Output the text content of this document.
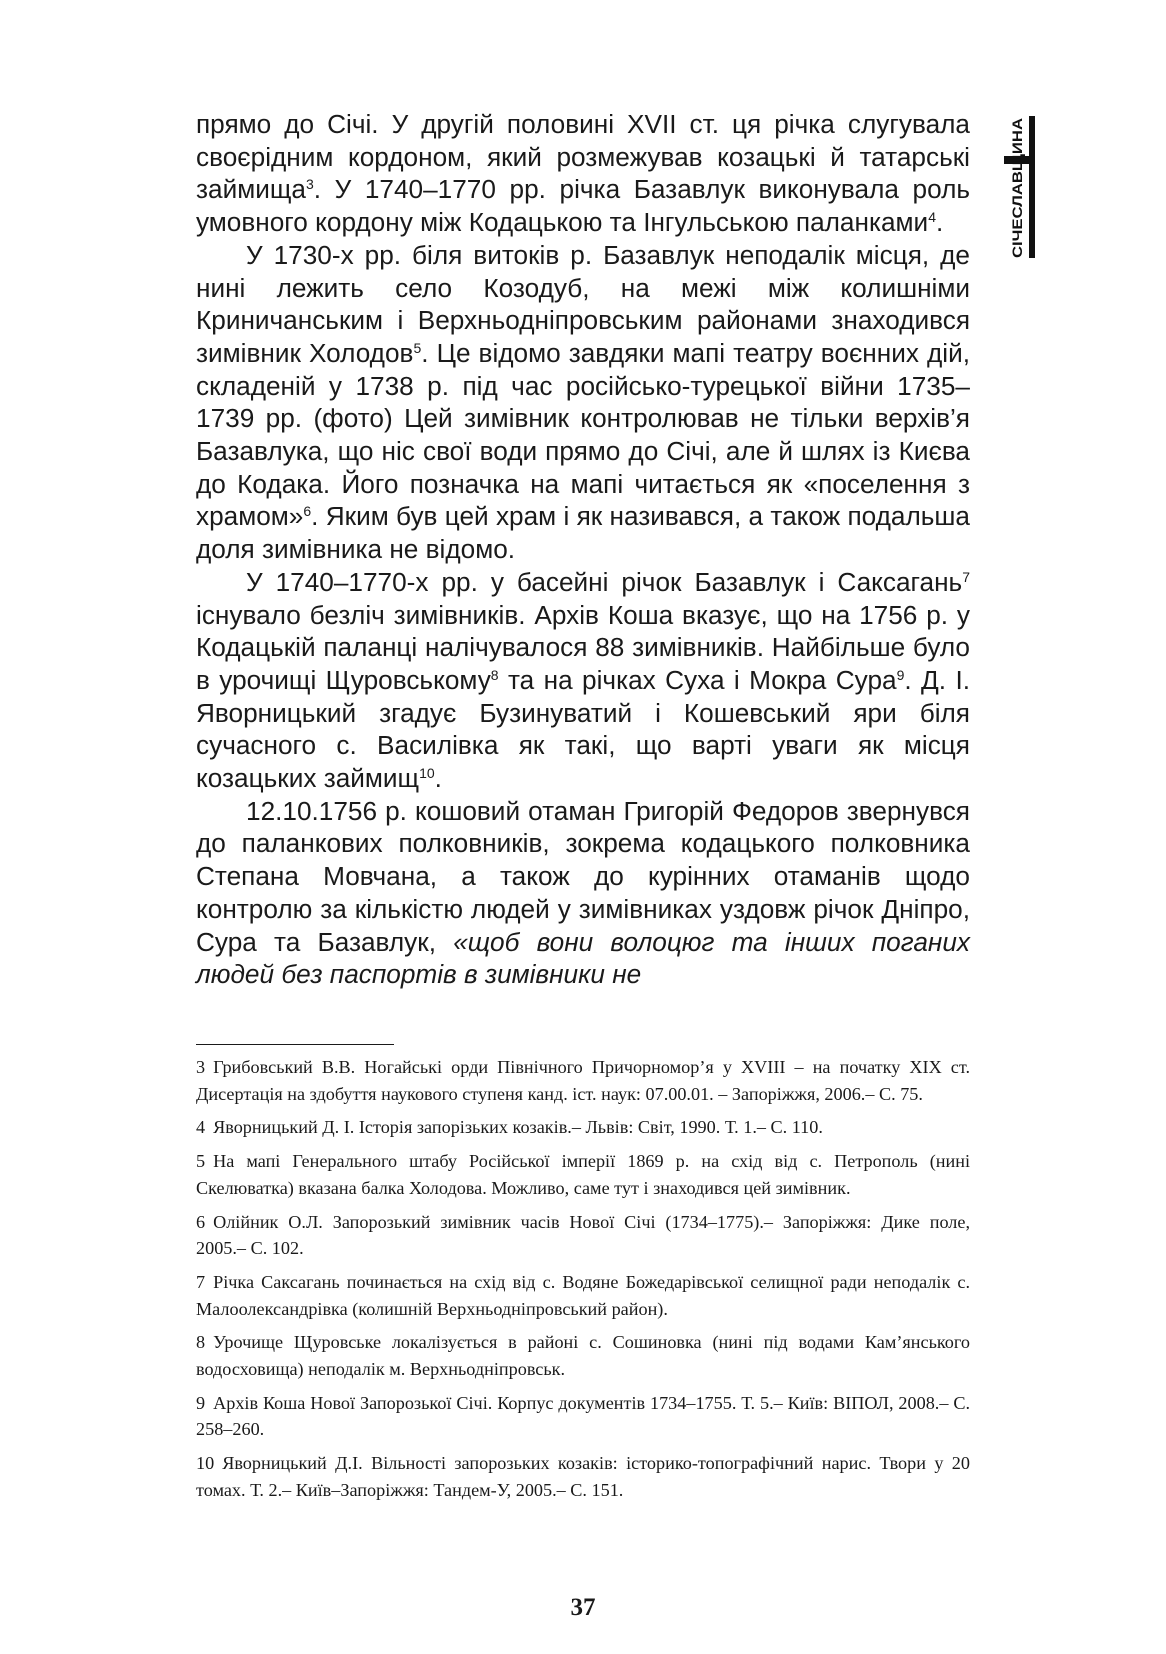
прямо до Січі. У другій половині XVII ст. ця річка слугувала своєрідним кордоном, який розмежував козацькі й татарські займища$^3$. У 1740–1770 рр. річка Базавлук виконувала роль умовного кордону між Кодацькою та Інгульською паланками$^4$.

У 1730-х рр. біля витоків р. Базавлук неподалік місця, де нині лежить село Козодуб, на межі між колишніми Криничанським і Верхньодніпровським районами знаходився зимівник Холодов$^5$. Це відомо завдяки мапі театру воєнних дій, складеній у 1738 р. під час російсько-турецької війни 1735–1739 рр. (фото) Цей зимівник контролював не тільки верхів’я Базавлука, що ніс свої води прямо до Січі, але й шлях із Києва до Кодака. Його позначка на мапі читається як «поселення з храмом»$^6$. Яким був цей храм і як називався, а також подальша доля зимівника не відомо.

У 1740–1770-х рр. у басейні річок Базавлук і Саксагань$^7$ існувало безліч зимівників. Архів Коша вказує, що на 1756 р. у Кодацькій паланці налічувалося 88 зимівників. Найбільше було в урочищі Щуровському$^8$ та на річках Суха і Мокра Сура$^9$. Д. І. Яворницький згадує Бузинуватий і Кошевський яри біля сучасного с. Василівка як такі, що варті уваги як місця козацьких займищ$^{10}$.

12.10.1756 р. кошовий отаман Григорій Федоров звернувся до паланкових полковників, зокрема кодацького полковника Степана Мовчана, а також до курінних отаманів щодо контролю за кількістю людей у зимівниках уздовж річок Дніпро, Сура та Базавлук, «щоб вони волоцюг та інших поганих людей без паспортів в зимівники не

3 Грибовський В.В. Ногайські орди Північного Причорномор’я у XVIII – на початку XIX ст. Дисертація на здобуття наукового ступеня канд. іст. наук: 07.00.01. – Запоріжжя, 2006.– С. 75.

4 Яворницький Д. І. Історія запорізьких козаків.– Львів: Світ, 1990. Т. 1.– С. 110.

5 На мапі Генерального штабу Російської імперії 1869 р. на схід від с. Петрополь (нині Скелюватка) вказана балка Холодова. Можливо, саме тут і знаходився цей зимівник.

6 Олійник О.Л. Запорозький зимівник часів Нової Січі (1734–1775).– Запоріжжя: Дике поле, 2005.– С. 102.

7 Річка Саксагань починається на схід від с. Водяне Божедарівської селищної ради неподалік с. Малоолександрівка (колишній Верхньодніпровський район).

8 Урочище Щуровське локалізується в районі с. Сошиновка (нині під водами Кам’янського водосховища) неподалік м. Верхньодніпровськ.

9 Архів Коша Нової Запорозької Січі. Корпус документів 1734–1755. Т. 5.– Київ: ВІПОЛ, 2008.– С. 258–260.

10 Яворницький Д.І. Вільності запорозьких козаків: історико-топографічний нарис. Твори у 20 томах. Т. 2.– Київ–Запоріжжя: Тандем-У, 2005.– С. 151.

37
СІЧЕСЛАВЩИНА
